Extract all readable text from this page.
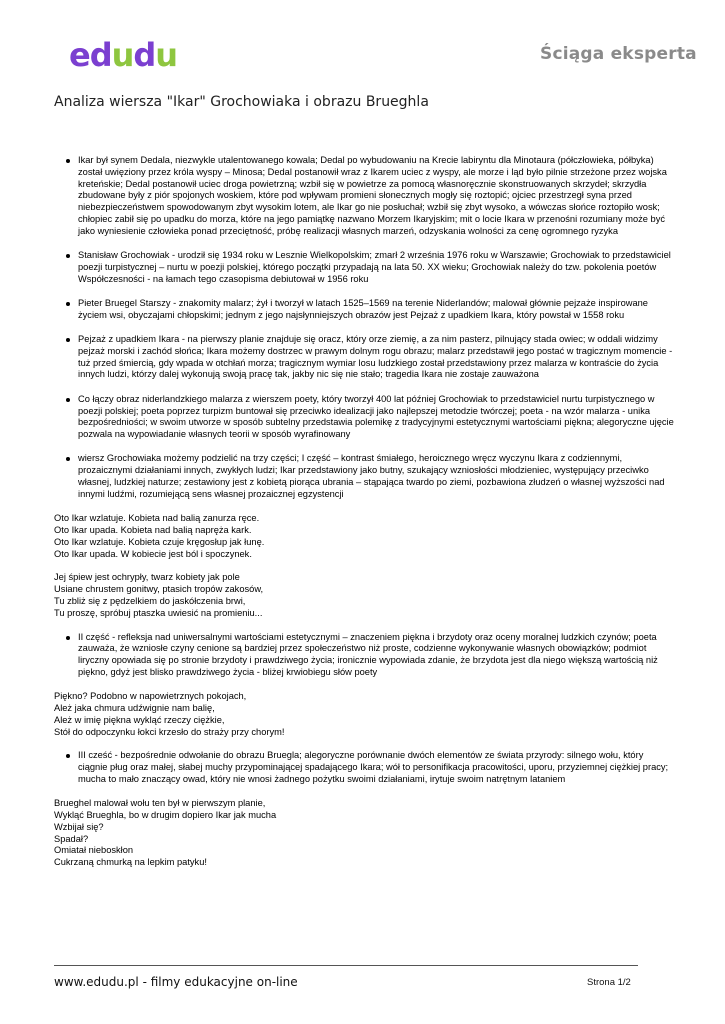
edudu	Ściąga eksperta
Analiza wiersza "Ikar" Grochowiaka i obrazu Brueghla
Ikar był synem Dedala, niezwykle utalentowanego kowala; Dedal po wybudowaniu na Krecie labiryntu dla Minotaura (półczłowieka, półbyka) został uwięziony przez króla wyspy – Minosa; Dedal postanowił wraz z Ikarem uciec z wyspy, ale morze i ląd było pilnie strzeżone przez wojska kreteńskie; Dedal postanowił uciec droga powietrzną; wzbił się w powietrze za pomocą własnoręcznie skonstruowanych skrzydeł; skrzydła zbudowane były z piór spojonych woskiem, które pod wpływam promieni słonecznych mogły się roztopić; ojciec przestrzegł syna przed niebezpieczeństwem spowodowanym zbyt wysokim lotem, ale Ikar go nie posłuchał; wzbił się zbyt wysoko, a wówczas słońce roztopiło wosk; chłopiec zabił się po upadku do morza, które na jego pamiątkę nazwano Morzem Ikaryjskim; mit o locie Ikara w przenośni rozumiany może być jako wyniesienie człowieka ponad przeciętność, próbę realizacji własnych marzeń, odzyskania wolności za cenę ogromnego ryzyka
Stanisław Grochowiak - urodził się 1934 roku w Lesznie Wielkopolskim; zmarł 2 września 1976 roku w Warszawie; Grochowiak to przedstawiciel poezji turpistycznej – nurtu w poezji polskiej, którego początki przypadają na lata 50. XX wieku; Grochowiak należy do tzw. pokolenia poetów Współczesności - na łamach tego czasopisma debiutował w 1956 roku
Pieter Bruegel Starszy - znakomity malarz; żył i tworzył w latach 1525–1569 na terenie Niderlandów; malował głównie pejzaże inspirowane życiem wsi, obyczajami chłopskimi; jednym z jego najsłynniejszych obrazów jest Pejzaż z upadkiem Ikara, który powstał w 1558 roku
Pejzaż z upadkiem Ikara - na pierwszy planie znajduje się oracz, który orze ziemię, a za nim pasterz, pilnujący stada owiec; w oddali widzimy pejzaż morski i zachód słońca; Ikara możemy dostrzec w prawym dolnym rogu obrazu; malarz przedstawił jego postać w tragicznym momencie - tuż przed śmiercią, gdy wpada w otchłań morza; tragicznym wymiar losu ludzkiego został przedstawiony przez malarza w kontraście do życia innych ludzi, którzy dalej wykonują swoją pracę tak, jakby nic się nie stało; tragedia Ikara nie zostaje zauważona
Co łączy obraz niderlandzkiego malarza z wierszem poety, który tworzył 400 lat później Grochowiak to przedstawiciel nurtu turpistycznego w poezji polskiej; poeta poprzez turpizm buntował się przeciwko idealizacji jako najlepszej metodzie twórczej; poeta - na wzór malarza - unika bezpośredniości; w swoim utworze w sposób subtelny przedstawia polemikę z tradycyjnymi estetycznymi wartościami piękna; alegoryczne ujęcie pozwala na wypowiadanie własnych teorii w sposób wyrafinowany
wiersz Grochowiaka możemy podzielić na trzy części; I część – kontrast śmiałego, heroicznego wręcz wyczynu Ikara z codziennymi, prozaicznymi działaniami innych, zwykłych ludzi; Ikar przedstawiony jako butny, szukający wzniosłości młodzieniec, występujący przeciwko własnej, ludzkiej naturze; zestawiony jest z kobietą piorąca ubrania – stąpająca twardo po ziemi, pozbawiona złudzeń o własnej wyższości nad innymi ludźmi, rozumiejącą sens własnej prozaicznej egzystencji
Oto Ikar wzlatuje. Kobieta nad balią zanurza ręce.
Oto Ikar upada. Kobieta nad balią napręża kark.
Oto Ikar wzlatuje. Kobieta czuje kręgosłup jak łunę.
Oto Ikar upada. W kobiecie jest ból i spoczynek.
Jej śpiew jest ochrypły, twarz kobiety jak pole
Usiane chrustem gonitwy, ptasich tropów zakosów,
Tu zbliż się z pędzelkiem do jaskółczenia brwi,
Tu proszę, spróbuj ptaszka uwiesić na promieniu...
II część - refleksja nad uniwersalnymi wartościami estetycznymi – znaczeniem piękna i brzydoty oraz oceny moralnej ludzkich czynów; poeta zauważa, że wzniosłe czyny cenione są bardziej przez społeczeństwo niż proste, codzienne wykonywanie własnych obowiązków; podmiot liryczny opowiada się po stronie brzydoty i prawdziwego życia; ironicznie wypowiada zdanie, że brzydota jest dla niego większą wartością niż piękno, gdyż jest blisko prawdziwego życia - bliżej krwiobiegu słów poety
Piękno? Podobno w napowietrznych pokojach,
Ależ jaka chmura udźwignie nam balię,
Ależ w imię piękna wykląć rzeczy ciężkie,
Stół do odpoczynku łokci krzesło do straży przy chorym!
III cześć - bezpośrednie odwołanie do obrazu Bruegla; alegoryczne porównanie dwóch elementów ze świata przyrody: silnego wołu, który ciągnie pług oraz małej, słabej muchy przypominającej spadającego Ikara; wół to personifikacja pracowitości, uporu, przyziemnej ciężkiej pracy; mucha to mało znaczący owad, który nie wnosi żadnego pożytku swoimi działaniami, irytuje swoim natrętnym lataniem
Brueghel malował wołu ten był w pierwszym planie,
Wykląć Brueghla, bo w drugim dopiero Ikar jak mucha
Wzbijał się?
Spadał?
Omiatał nieboskłon
Cukrzaną chmurką na lepkim patyku!
www.edudu.pl - filmy edukacyjne on-line	Strona 1/2
